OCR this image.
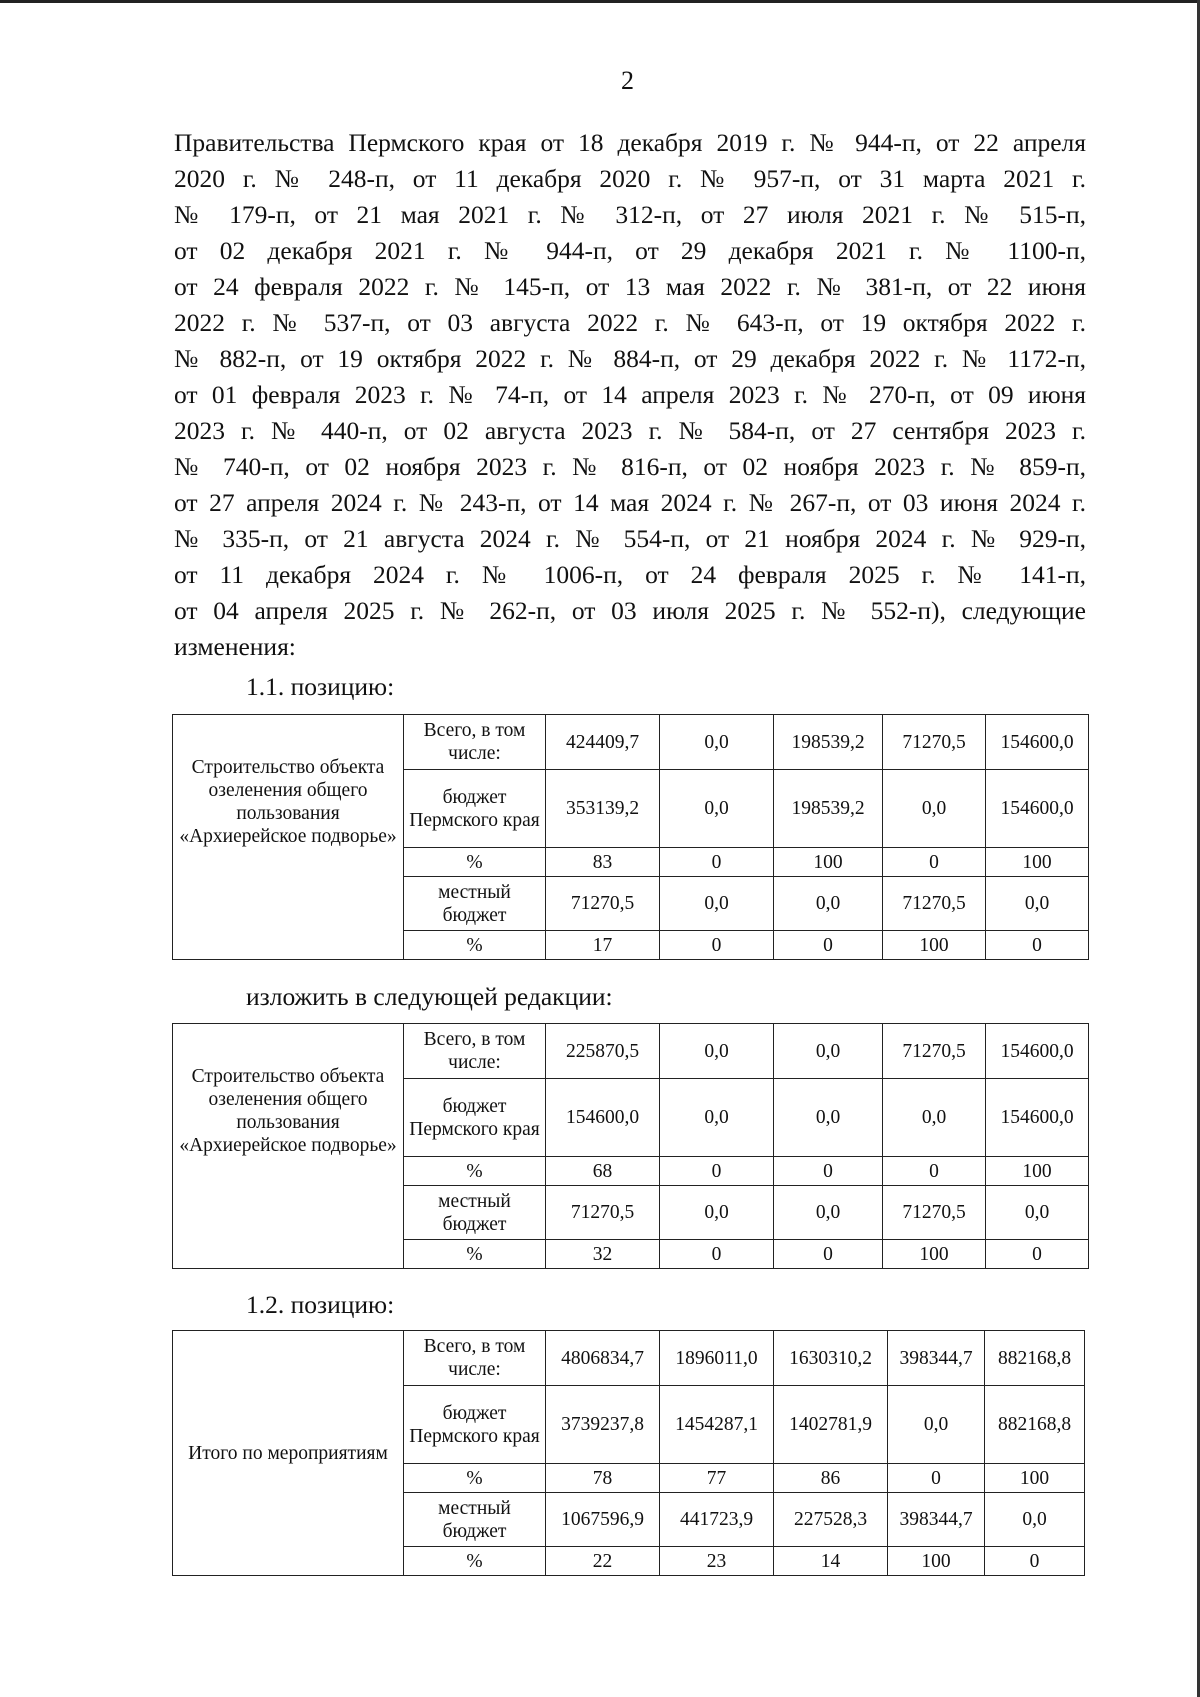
2
Правительства Пермского края от 18 декабря 2019 г. № 944-п, от 22 апреля
2020 г. № 248-п, от 11 декабря 2020 г. № 957-п, от 31 марта 2021 г.
№ 179-п, от 21 мая 2021 г. № 312-п, от 27 июля 2021 г. № 515-п,
от 02 декабря 2021 г. № 944-п, от 29 декабря 2021 г. № 1100-п,
от 24 февраля 2022 г. № 145-п, от 13 мая 2022 г. № 381-п, от 22 июня
2022 г. № 537-п, от 03 августа 2022 г. № 643-п, от 19 октября 2022 г.
№ 882-п, от 19 октября 2022 г. № 884-п, от 29 декабря 2022 г. № 1172-п,
от 01 февраля 2023 г. № 74-п, от 14 апреля 2023 г. № 270-п, от 09 июня
2023 г. № 440-п, от 02 августа 2023 г. № 584-п, от 27 сентября 2023 г.
№ 740-п, от 02 ноября 2023 г. № 816-п, от 02 ноября 2023 г. № 859-п,
от 27 апреля 2024 г. № 243-п, от 14 мая 2024 г. № 267-п, от 03 июня 2024 г.
№ 335-п, от 21 августа 2024 г. № 554-п, от 21 ноября 2024 г. № 929-п,
от 11 декабря 2024 г. № 1006-п, от 24 февраля 2025 г. № 141-п,
от 04 апреля 2025 г. № 262-п, от 03 июля 2025 г. № 552-п), следующие
изменения:
1.1. позицию:
Строительство объекта озеленения общего пользования «Архиерейское подворье»	Всего, в том числе:	424409,7	0,0	198539,2	71270,5	154600,0
	бюджет Пермского края	353139,2	0,0	198539,2	0,0	154600,0
	%	83	0	100	0	100
	местный бюджет	71270,5	0,0	0,0	71270,5	0,0
	%	17	0	0	100	0
изложить в следующей редакции:
Строительство объекта озеленения общего пользования «Архиерейское подворье»	Всего, в том числе:	225870,5	0,0	0,0	71270,5	154600,0
	бюджет Пермского края	154600,0	0,0	0,0	0,0	154600,0
	%	68	0	0	0	100
	местный бюджет	71270,5	0,0	0,0	71270,5	0,0
	%	32	0	0	100	0
1.2. позицию:
Итого по мероприятиям	Всего, в том числе:	4806834,7	1896011,0	1630310,2	398344,7	882168,8
	бюджет Пермского края	3739237,8	1454287,1	1402781,9	0,0	882168,8
	%	78	77	86	0	100
	местный бюджет	1067596,9	441723,9	227528,3	398344,7	0,0
	%	22	23	14	100	0
